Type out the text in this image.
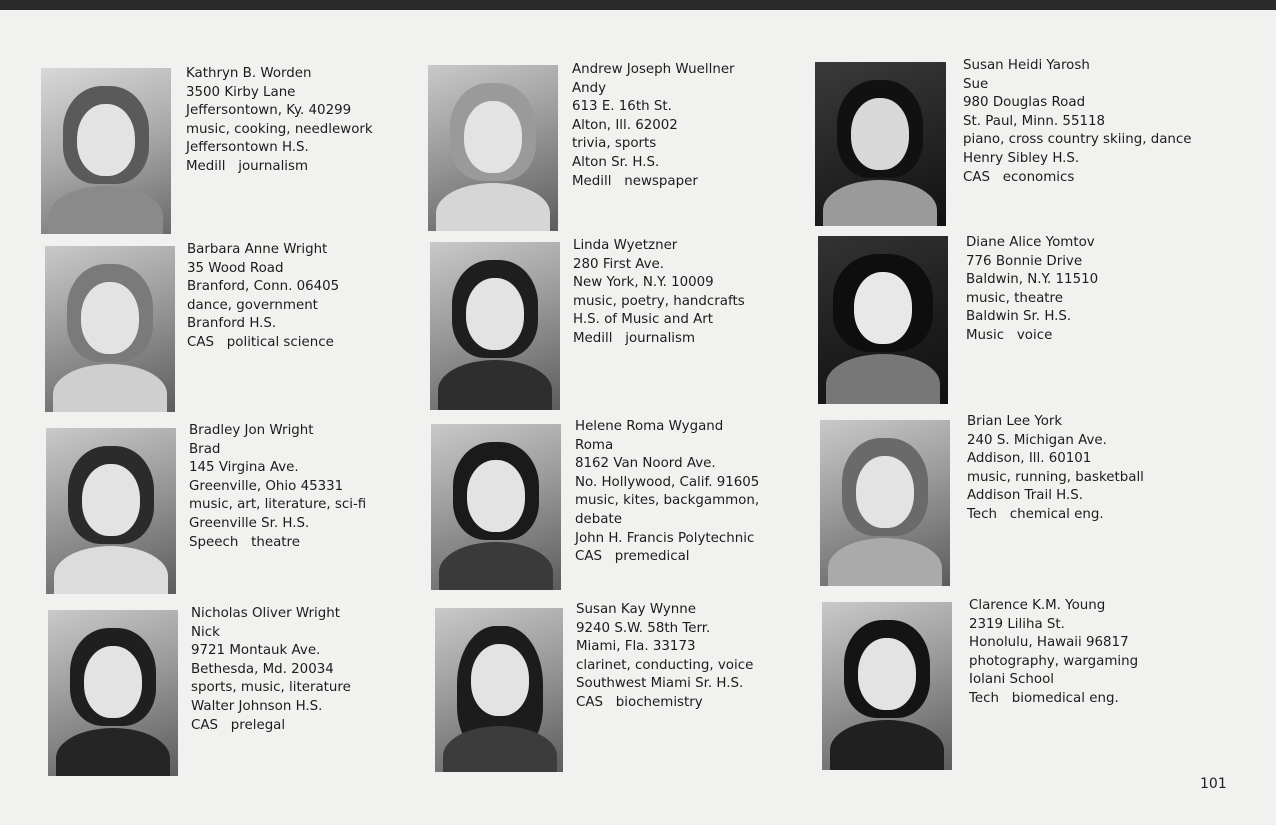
Kathryn B. Worden
3500 Kirby Lane
Jeffersontown, Ky. 40299
music, cooking, needlework
Jeffersontown H.S.
Medill   journalism
Barbara Anne Wright
35 Wood Road
Branford, Conn. 06405
dance, government
Branford H.S.
CAS   political science
Bradley Jon Wright
Brad
145 Virgina Ave.
Greenville, Ohio 45331
music, art, literature, sci-fi
Greenville Sr. H.S.
Speech   theatre
Nicholas Oliver Wright
Nick
9721 Montauk Ave.
Bethesda, Md. 20034
sports, music, literature
Walter Johnson H.S.
CAS   prelegal
Andrew Joseph Wuellner
Andy
613 E. 16th St.
Alton, Ill. 62002
trivia, sports
Alton Sr. H.S.
Medill   newspaper
Linda Wyetzner
280 First Ave.
New York, N.Y. 10009
music, poetry, handcrafts
H.S. of Music and Art
Medill   journalism
Helene Roma Wygand
Roma
8162 Van Noord Ave.
No. Hollywood, Calif. 91605
music, kites, backgammon,
debate
John H. Francis Polytechnic
CAS   premedical
Susan Kay Wynne
9240 S.W. 58th Terr.
Miami, Fla. 33173
clarinet, conducting, voice
Southwest Miami Sr. H.S.
CAS   biochemistry
Susan Heidi Yarosh
Sue
980 Douglas Road
St. Paul, Minn. 55118
piano, cross country skiing, dance
Henry Sibley H.S.
CAS   economics
Diane Alice Yomtov
776 Bonnie Drive
Baldwin, N.Y. 11510
music, theatre
Baldwin Sr. H.S.
Music   voice
Brian Lee York
240 S. Michigan Ave.
Addison, Ill. 60101
music, running, basketball
Addison Trail H.S.
Tech   chemical eng.
Clarence K.M. Young
2319 Liliha St.
Honolulu, Hawaii 96817
photography, wargaming
Iolani School
Tech   biomedical eng.
101
